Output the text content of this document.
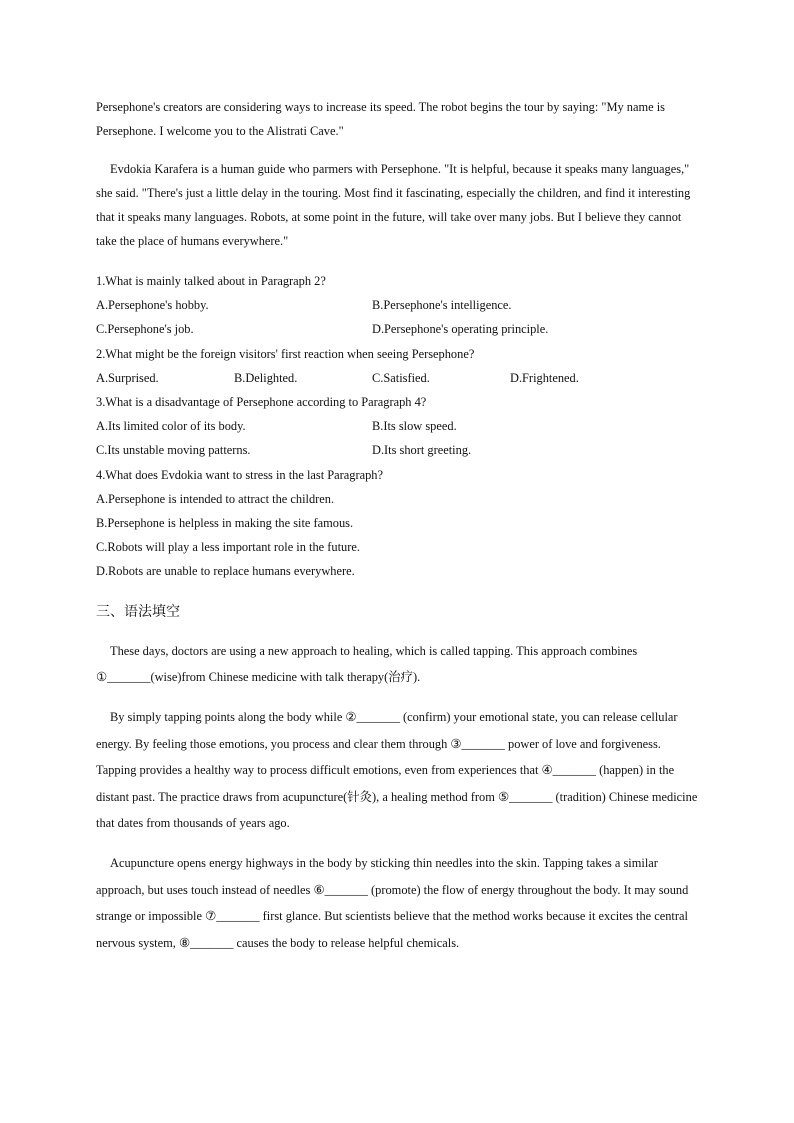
Persephone's creators are considering ways to increase its speed. The robot begins the tour by saying: "My name is Persephone. I welcome you to the Alistrati Cave."

Evdokia Karafera is a human guide who parmers with Persephone. "It is helpful, because it speaks many languages," she said. "There's just a little delay in the touring. Most find it fascinating, especially the children, and find it interesting that it speaks many languages. Robots, at some point in the future, will take over many jobs. But I believe they cannot take the place of humans everywhere."

1.What is mainly talked about in Paragraph 2?

A.Persephone's hobby.	B.Persephone's intelligence.
C.Persephone's job.	D.Persephone's operating principle.

2.What might be the foreign visitors' first reaction when seeing Persephone?

A.Surprised.	B.Delighted.	C.Satisfied.	D.Frightened.

3.What is a disadvantage of Persephone according to Paragraph 4?

A.Its limited color of its body.	B.Its slow speed.
C.Its unstable moving patterns.	D.Its short greeting.

4.What does Evdokia want to stress in the last Paragraph?

A.Persephone is intended to attract the children.

B.Persephone is helpless in making the site famous.

C.Robots will play a less important role in the future.

D.Robots are unable to replace humans everywhere.

三、语法填空

These days, doctors are using a new approach to healing, which is called tapping. This approach combines ①_______(wise)from Chinese medicine with talk therapy(治疗).

By simply tapping points along the body while ②_______ (confirm) your emotional state, you can release cellular energy. By feeling those emotions, you process and clear them through ③_______ power of love and forgiveness. Tapping provides a healthy way to process difficult emotions, even from experiences that ④_______ (happen) in the distant past. The practice draws from acupuncture(针灸), a healing method from ⑤_______ (tradition) Chinese medicine that dates from thousands of years ago.

Acupuncture opens energy highways in the body by sticking thin needles into the skin. Tapping takes a similar approach, but uses touch instead of needles ⑥_______ (promote) the flow of energy throughout the body. It may sound strange or impossible ⑦_______ first glance. But scientists believe that the method works because it excites the central nervous system, ⑧_______ causes the body to release helpful chemicals.
